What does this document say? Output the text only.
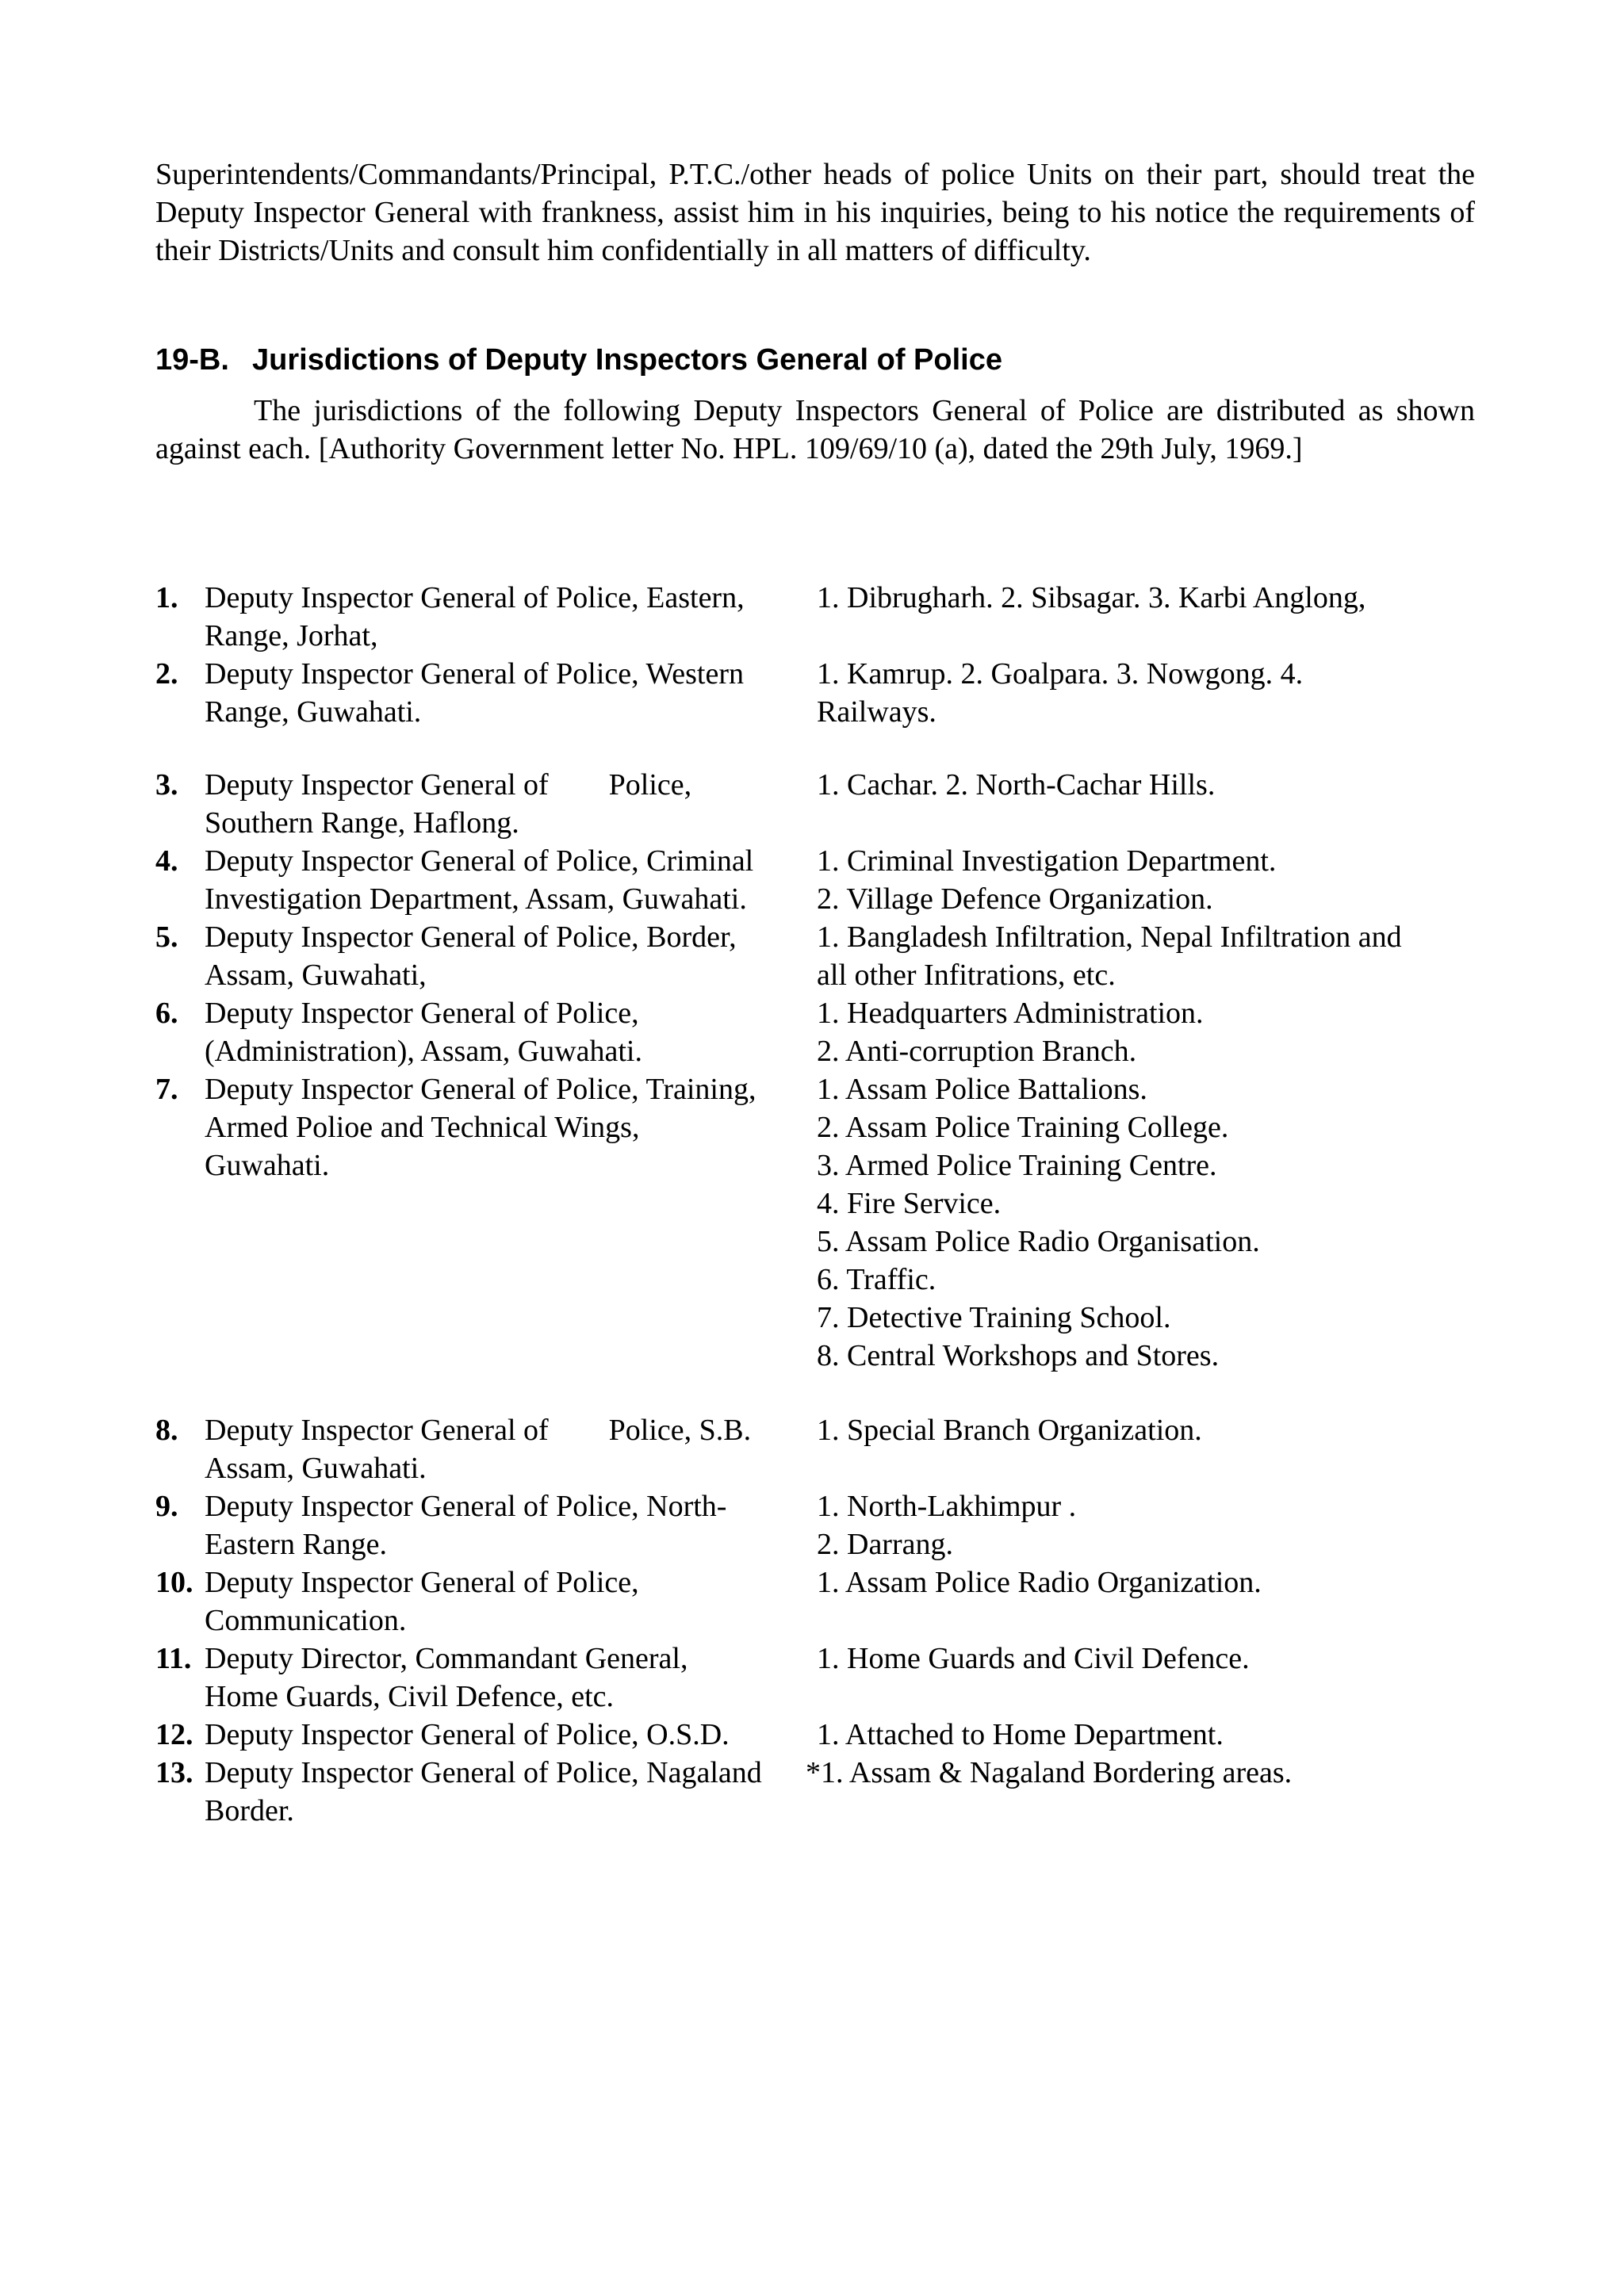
Superintendents/Commandants/Principal, P.T.C./other heads of police Units on their part, should treat the Deputy Inspector General with frankness, assist him in his inquiries, being to his notice the requirements of their Districts/Units and consult him confidentially in all matters of difficulty.

19-B. Jurisdictions of Deputy Inspectors General of Police

The jurisdictions of the following Deputy Inspectors General of Police are distributed as shown against each. [Authority Government letter No. HPL. 109/69/10 (a), dated the 29th July, 1969.]

1. Deputy Inspector General of Police, Eastern,
Range, Jorhat,
1. Dibrugharh. 2. Sibsagar. 3. Karbi Anglong,
2. Deputy Inspector General of Police, Western
Range, Guwahati.
1. Kamrup. 2. Goalpara. 3. Nowgong. 4.
Railways.
3. Deputy Inspector General of        Police,
Southern Range, Haflong.
1. Cachar. 2. North-Cachar Hills.
4. Deputy Inspector General of Police, Criminal
Investigation Department, Assam, Guwahati.
1. Criminal Investigation Department.
2. Village Defence Organization.
5. Deputy Inspector General of Police, Border,
Assam, Guwahati,
1. Bangladesh Infiltration, Nepal Infiltration and
all other Infitrations, etc.
6. Deputy Inspector General of Police,
(Administration), Assam, Guwahati.
1. Headquarters Administration.
2. Anti-corruption Branch.
7. Deputy Inspector General of Police, Training,
Armed Polioe and Technical Wings,
Guwahati.
1. Assam Police Battalions.
2. Assam Police Training College.
3. Armed Police Training Centre.
4. Fire Service.
5. Assam Police Radio Organisation.
6. Traffic.
7. Detective Training School.
8. Central Workshops and Stores.
8. Deputy Inspector General of        Police, S.B.
Assam, Guwahati.
1. Special Branch Organization.
9. Deputy Inspector General of Police, North-
Eastern Range.
1. North-Lakhimpur .
2. Darrang.
10. Deputy Inspector General of Police,
Communication.
1. Assam Police Radio Organization.
11. Deputy Director, Commandant General,
Home Guards, Civil Defence, etc.
1. Home Guards and Civil Defence.
12. Deputy Inspector General of Police, O.S.D.	1. Attached to Home Department.
13. Deputy Inspector General of Police, Nagaland
Border.
*1. Assam & Nagaland Bordering areas.
